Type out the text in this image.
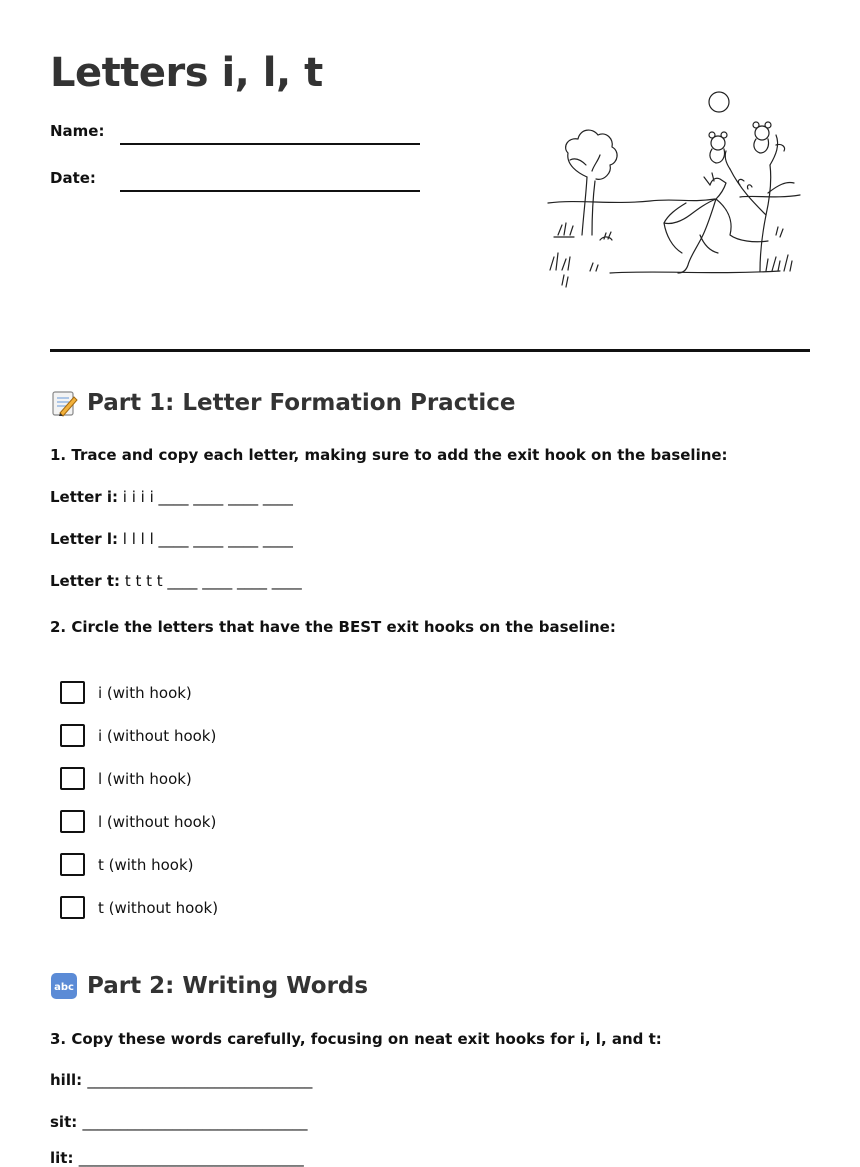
Letters i, l, t
Name:
Date:
Part 1: Letter Formation Practice
1. Trace and copy each letter, making sure to add the exit hook on the baseline:
Letter i: i i i i ____ ____ ____ ____
Letter l: l l l l ____ ____ ____ ____
Letter t: t t t t ____ ____ ____ ____
2. Circle the letters that have the BEST exit hooks on the baseline:
i (with hook)
i (without hook)
l (with hook)
l (without hook)
t (with hook)
t (without hook)
abc Part 2: Writing Words
3. Copy these words carefully, focusing on neat exit hooks for i, l, and t:
hill: ______________________________
sit: ______________________________
lit: ______________________________
